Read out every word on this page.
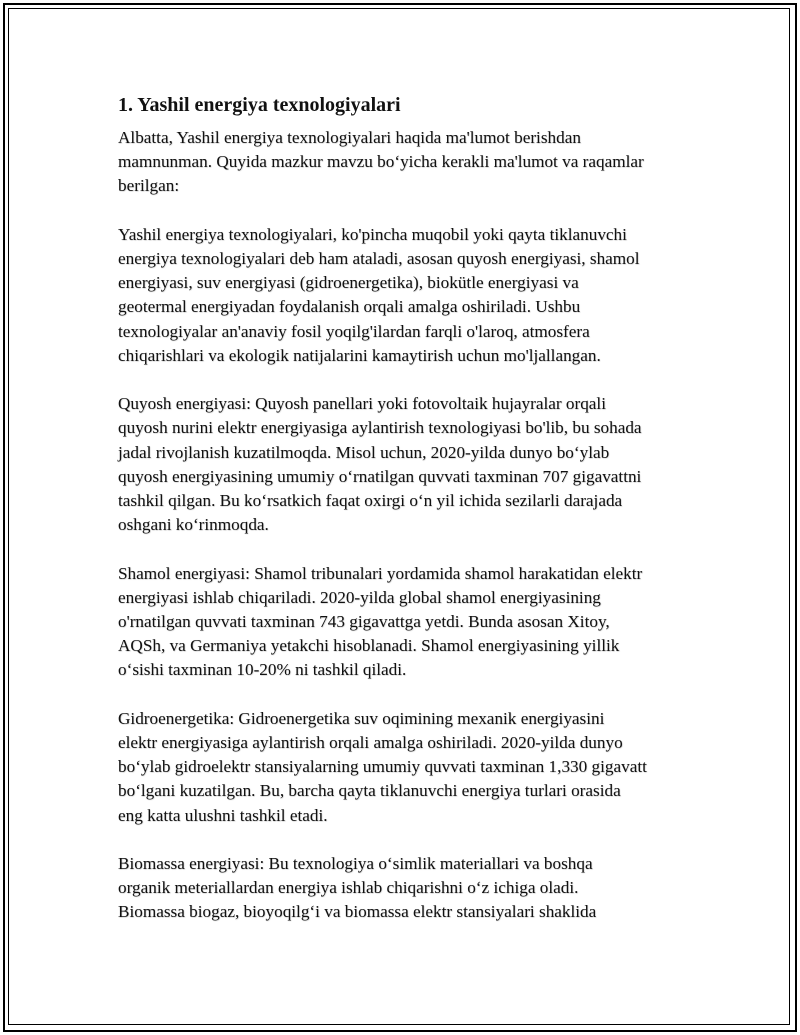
1. Yashil energiya texnologiyalari
Albatta, Yashil energiya texnologiyalari haqida ma'lumot berishdan
mamnunman. Quyida mazkur mavzu bo‘yicha kerakli ma'lumot va raqamlar
berilgan:
Yashil energiya texnologiyalari, ko'pincha muqobil yoki qayta tiklanuvchi
energiya texnologiyalari deb ham ataladi, asosan quyosh energiyasi, shamol
energiyasi, suv energiyasi (gidroenergetika), biokütle energiyasi va
geotermal energiyadan foydalanish orqali amalga oshiriladi. Ushbu
texnologiyalar an'anaviy fosil yoqilg'ilardan farqli o'laroq, atmosfera
chiqarishlari va ekologik natijalarini kamaytirish uchun mo'ljallangan.
Quyosh energiyasi: Quyosh panellari yoki fotovoltaik hujayralar orqali
quyosh nurini elektr energiyasiga aylantirish texnologiyasi bo'lib, bu sohada
jadal rivojlanish kuzatilmoqda. Misol uchun, 2020-yilda dunyo bo‘ylab
quyosh energiyasining umumiy o‘rnatilgan quvvati taxminan 707 gigavattni
tashkil qilgan. Bu ko‘rsatkich faqat oxirgi o‘n yil ichida sezilarli darajada
oshgani ko‘rinmoqda.
Shamol energiyasi: Shamol tribunalari yordamida shamol harakatidan elektr
energiyasi ishlab chiqariladi. 2020-yilda global shamol energiyasining
o'rnatilgan quvvati taxminan 743 gigavattga yetdi. Bunda asosan Xitoy,
AQSh, va Germaniya yetakchi hisoblanadi. Shamol energiyasining yillik
o‘sishi taxminan 10-20% ni tashkil qiladi.
Gidroenergetika: Gidroenergetika suv oqimining mexanik energiyasini
elektr energiyasiga aylantirish orqali amalga oshiriladi. 2020-yilda dunyo
bo‘ylab gidroelektr stansiyalarning umumiy quvvati taxminan 1,330 gigavatt
bo‘lgani kuzatilgan. Bu, barcha qayta tiklanuvchi energiya turlari orasida
eng katta ulushni tashkil etadi.
Biomassa energiyasi: Bu texnologiya o‘simlik materiallari va boshqa
organik meteriallardan energiya ishlab chiqarishni o‘z ichiga oladi.
Biomassa biogaz, bioyoqilg‘i va biomassa elektr stansiyalari shaklida
